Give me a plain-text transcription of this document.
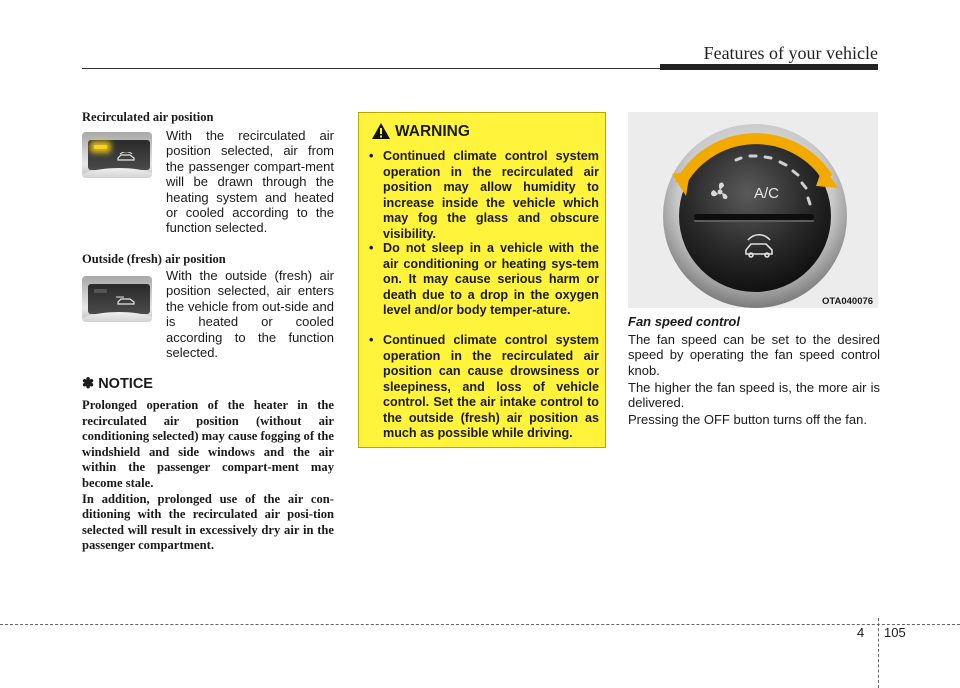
Features of your vehicle
Recirculated air position
With the recirculated air position selected, air from the passenger compart-ment will be drawn through the heating system and heated or cooled according to the function selected.
Outside (fresh) air position
With the outside (fresh) air position selected, air enters the vehicle from out-side and is heated or cooled according to the function selected.
✽ NOTICE
Prolonged operation of the heater in the recirculated air position (without air conditioning selected) may cause fogging of the windshield and side windows and the air within the passenger compart-ment may become stale.
In addition, prolonged use of the air con-ditioning with the recirculated air posi-tion selected will result in excessively dry air in the passenger compartment.
WARNING
• Continued climate control system operation in the recirculated air position may allow humidity to increase inside the vehicle which may fog the glass and obscure visibility.
• Do not sleep in a vehicle with the air conditioning or heating sys-tem on. It may cause serious harm or death due to a drop in the oxygen level and/or body temper-ature.
• Continued climate control system operation in the recirculated air position can cause drowsiness or sleepiness, and loss of vehicle control. Set the air intake control to the outside (fresh) air position as much as possible while driving.
A/C
OTA040076
Fan speed control
The fan speed can be set to the desired speed by operating the fan speed control knob.
The higher the fan speed is, the more air is delivered.
Pressing the OFF button turns off the fan.
4 105
